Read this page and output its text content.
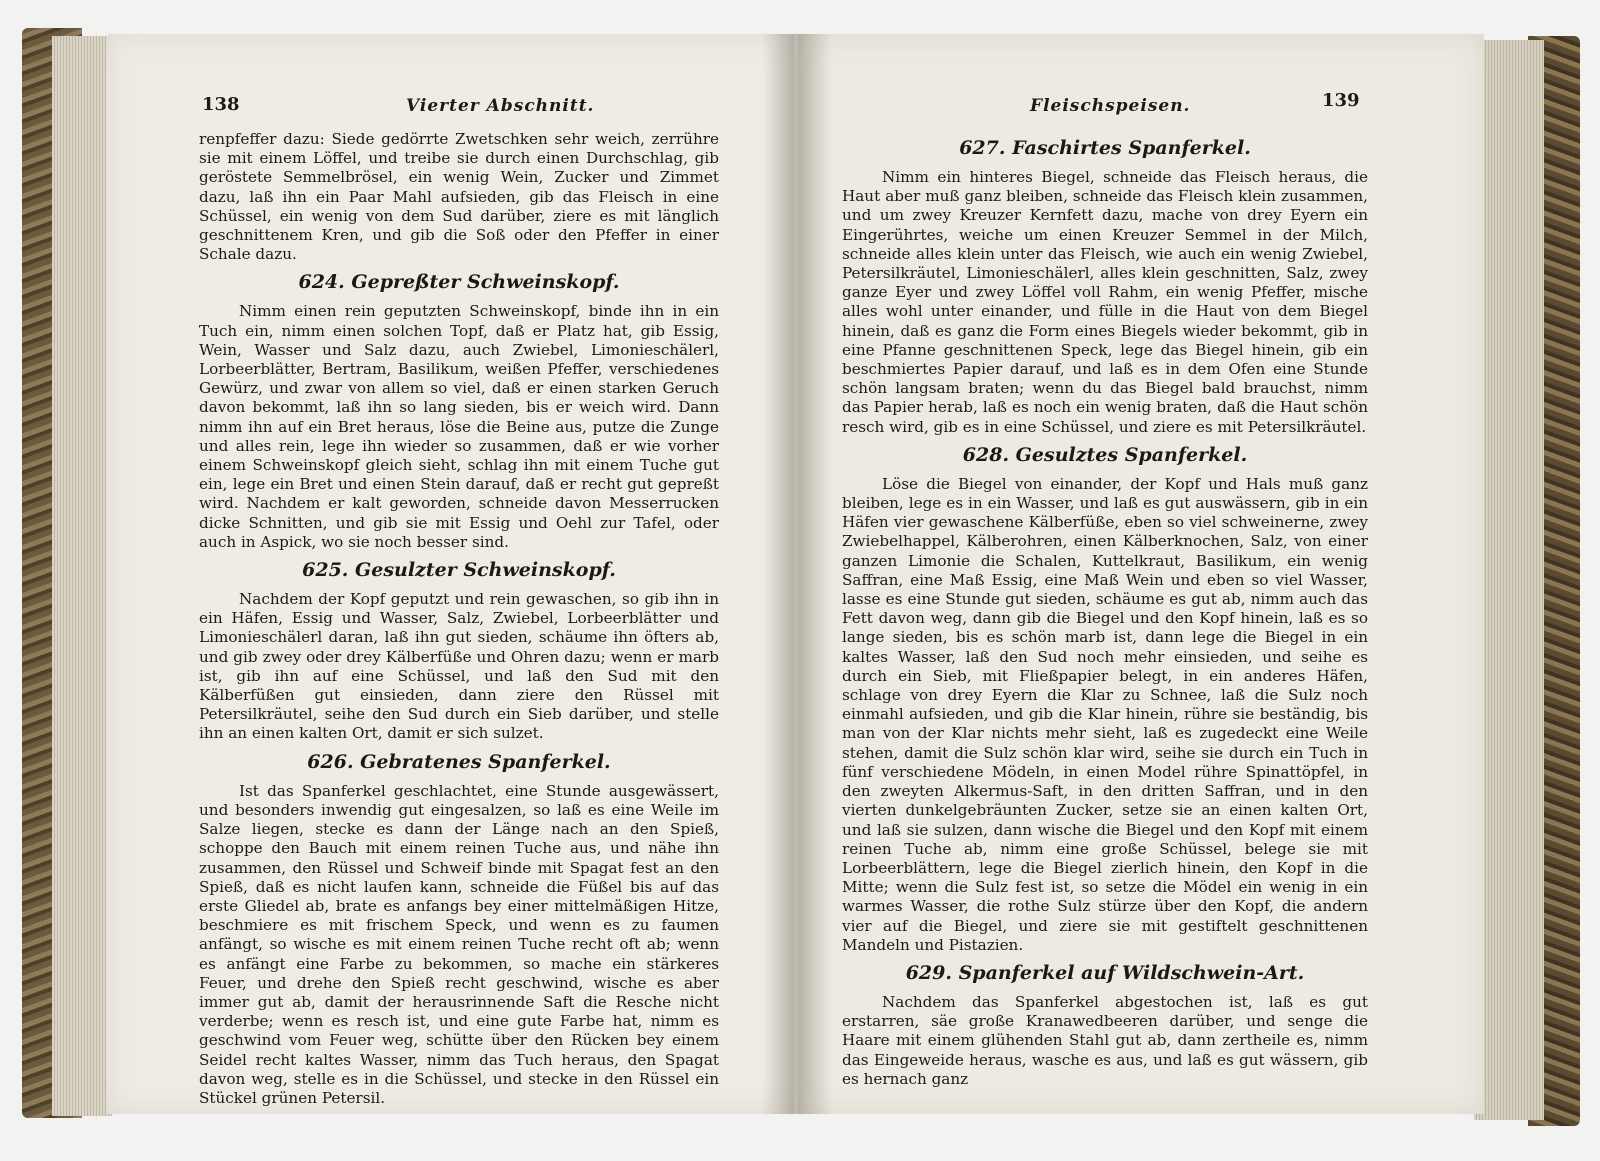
138	Vierter Abschnitt.

renpfeffer dazu: Siede gedörrte Zwetschken sehr weich, zerrühre sie mit einem Löffel, und treibe sie durch einen Durchschlag, gib geröstete Semmelbrösel, ein wenig Wein, Zucker und Zimmet dazu, laß ihn ein Paar Mahl aufsieden, gib das Fleisch in eine Schüssel, ein wenig von dem Sud darüber, ziere es mit länglich geschnittenem Kren, und gib die Soß oder den Pfeffer in einer Schale dazu.

624. Gepreßter Schweinskopf.

Nimm einen rein geputzten Schweinskopf, binde ihn in ein Tuch ein, nimm einen solchen Topf, daß er Platz hat, gib Essig, Wein, Wasser und Salz dazu, auch Zwiebel, Limonieschälerl, Lorbeerblätter, Bertram, Basilikum, weißen Pfeffer, verschiedenes Gewürz, und zwar von allem so viel, daß er einen starken Geruch davon bekommt, laß ihn so lang sieden, bis er weich wird. Dann nimm ihn auf ein Bret heraus, löse die Beine aus, putze die Zunge und alles rein, lege ihn wieder so zusammen, daß er wie vorher einem Schweinskopf gleich sieht, schlag ihn mit einem Tuche gut ein, lege ein Bret und einen Stein darauf, daß er recht gut gepreßt wird. Nachdem er kalt geworden, schneide davon Messerrucken dicke Schnitten, und gib sie mit Essig und Oehl zur Tafel, oder auch in Aspick, wo sie noch besser sind.

625. Gesulzter Schweinskopf.

Nachdem der Kopf geputzt und rein gewaschen, so gib ihn in ein Häfen, Essig und Wasser, Salz, Zwiebel, Lorbeerblätter und Limonieschälerl daran, laß ihn gut sieden, schäume ihn öfters ab, und gib zwey oder drey Kälberfüße und Ohren dazu; wenn er marb ist, gib ihn auf eine Schüssel, und laß den Sud mit den Kälberfüßen gut einsieden, dann ziere den Rüssel mit Petersilkräutel, seihe den Sud durch ein Sieb darüber, und stelle ihn an einen kalten Ort, damit er sich sulzet.

626. Gebratenes Spanferkel.

Ist das Spanferkel geschlachtet, eine Stunde ausgewässert, und besonders inwendig gut eingesalzen, so laß es eine Weile im Salze liegen, stecke es dann der Länge nach an den Spieß, schoppe den Bauch mit einem reinen Tuche aus, und nähe ihn zusammen, den Rüssel und Schweif binde mit Spagat fest an den Spieß, daß es nicht laufen kann, schneide die Füßel bis auf das erste Gliedel ab, brate es anfangs bey einer mittelmäßigen Hitze, beschmiere es mit frischem Speck, und wenn es zu faumen anfängt, so wische es mit einem reinen Tuche recht oft ab; wenn es anfängt eine Farbe zu bekommen, so mache ein stärkeres Feuer, und drehe den Spieß recht geschwind, wische es aber immer gut ab, damit der herausrinnende Saft die Resche nicht verderbe; wenn es resch ist, und eine gute Farbe hat, nimm es geschwind vom Feuer weg, schütte über den Rücken bey einem Seidel recht kaltes Wasser, nimm das Tuch heraus, den Spagat davon weg, stelle es in die Schüssel, und stecke in den Rüssel ein Stückel grünen Petersil.

Fleischspeisen.	139
627. Faschirtes Spanferkel.

Nimm ein hinteres Biegel, schneide das Fleisch heraus, die Haut aber muß ganz bleiben, schneide das Fleisch klein zusammen, und um zwey Kreuzer Kernfett dazu, mache von drey Eyern ein Eingerührtes, weiche um einen Kreuzer Semmel in der Milch, schneide alles klein unter das Fleisch, wie auch ein wenig Zwiebel, Petersilkräutel, Limonieschälerl, alles klein geschnitten, Salz, zwey ganze Eyer und zwey Löffel voll Rahm, ein wenig Pfeffer, mische alles wohl unter einander, und fülle in die Haut von dem Biegel hinein, daß es ganz die Form eines Biegels wieder bekommt, gib in eine Pfanne geschnittenen Speck, lege das Biegel hinein, gib ein beschmiertes Papier darauf, und laß es in dem Ofen eine Stunde schön langsam braten; wenn du das Biegel bald brauchst, nimm das Papier herab, laß es noch ein wenig braten, daß die Haut schön resch wird, gib es in eine Schüssel, und ziere es mit Petersilkräutel.

628. Gesulztes Spanferkel.

Löse die Biegel von einander, der Kopf und Hals muß ganz bleiben, lege es in ein Wasser, und laß es gut auswässern, gib in ein Häfen vier gewaschene Kälberfüße, eben so viel schweinerne, zwey Zwiebelhappel, Kälberohren, einen Kälberknochen, Salz, von einer ganzen Limonie die Schalen, Kuttelkraut, Basilikum, ein wenig Saffran, eine Maß Essig, eine Maß Wein und eben so viel Wasser, lasse es eine Stunde gut sieden, schäume es gut ab, nimm auch das Fett davon weg, dann gib die Biegel und den Kopf hinein, laß es so lange sieden, bis es schön marb ist, dann lege die Biegel in ein kaltes Wasser, laß den Sud noch mehr einsieden, und seihe es durch ein Sieb, mit Fließpapier belegt, in ein anderes Häfen, schlage von drey Eyern die Klar zu Schnee, laß die Sulz noch einmahl aufsieden, und gib die Klar hinein, rühre sie beständig, bis man von der Klar nichts mehr sieht, laß es zugedeckt eine Weile stehen, damit die Sulz schön klar wird, seihe sie durch ein Tuch in fünf verschiedene Mödeln, in einen Model rühre Spinattöpfel, in den zweyten Alkermus-Saft, in den dritten Saffran, und in den vierten dunkelgebräunten Zucker, setze sie an einen kalten Ort, und laß sie sulzen, dann wische die Biegel und den Kopf mit einem reinen Tuche ab, nimm eine große Schüssel, belege sie mit Lorbeerblättern, lege die Biegel zierlich hinein, den Kopf in die Mitte; wenn die Sulz fest ist, so setze die Mödel ein wenig in ein warmes Wasser, die rothe Sulz stürze über den Kopf, die andern vier auf die Biegel, und ziere sie mit gestiftelt geschnittenen Mandeln und Pistazien.

629. Spanferkel auf Wildschwein-Art.

Nachdem das Spanferkel abgestochen ist, laß es gut erstarren, säe große Kranawedbeeren darüber, und senge die Haare mit einem glühenden Stahl gut ab, dann zertheile es, nimm das Eingeweide heraus, wasche es aus, und laß es gut wässern, gib es hernach ganz
